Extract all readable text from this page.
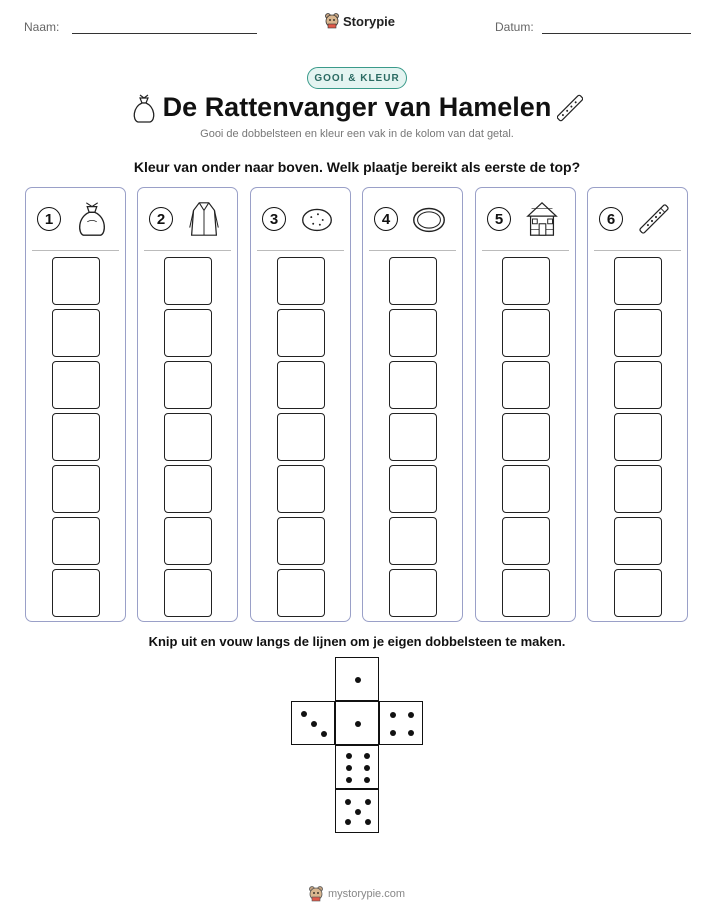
Naam:	Storypie	Datum:
GOOI & KLEUR
De Rattenvanger van Hamelen
Gooi de dobbelsteen en kleur een vak in de kolom van dat getal.
Kleur van onder naar boven. Welk plaatje bereikt als eerste de top?
1	2	3	4	5	6
Knip uit en vouw langs de lijnen om je eigen dobbelsteen te maken.
mystorypie.com
